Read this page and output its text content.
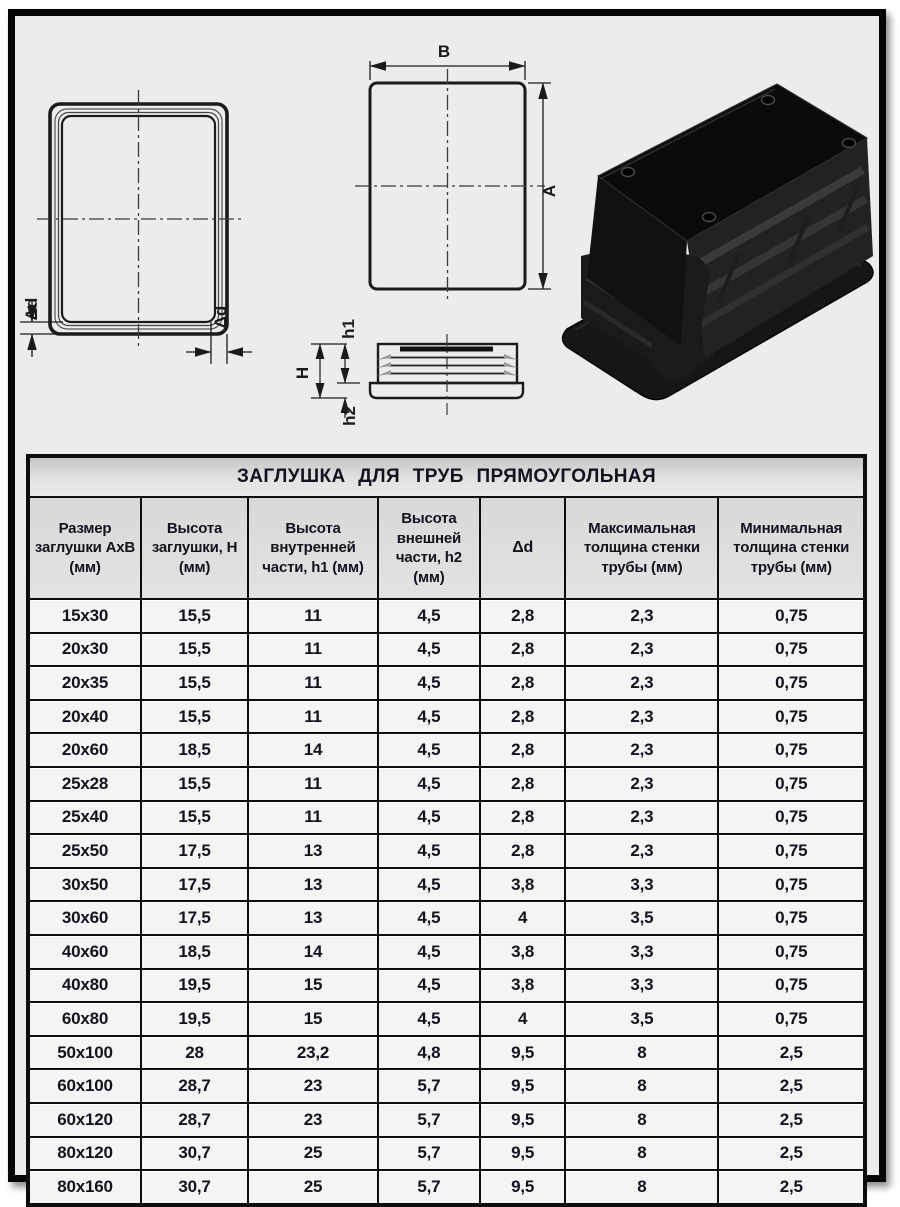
Δd	Δd
B
A
H
h1
h2
ЗАГЛУШКА ДЛЯ ТРУБ ПРЯМОУГОЛЬНАЯ						
Размер заглушки АхВ (мм)	Высота заглушки, Н (мм)	Высота внутренней части, h1 (мм)	Высота внешней части, h2 (мм)	Δd	Максимальная толщина стенки трубы (мм)	Минимальная толщина стенки трубы (мм)
15х30	15,5	11	4,5	2,8	2,3	0,75
20х30	15,5	11	4,5	2,8	2,3	0,75
20х35	15,5	11	4,5	2,8	2,3	0,75
20х40	15,5	11	4,5	2,8	2,3	0,75
20х60	18,5	14	4,5	2,8	2,3	0,75
25х28	15,5	11	4,5	2,8	2,3	0,75
25х40	15,5	11	4,5	2,8	2,3	0,75
25х50	17,5	13	4,5	2,8	2,3	0,75
30х50	17,5	13	4,5	3,8	3,3	0,75
30х60	17,5	13	4,5	4	3,5	0,75
40х60	18,5	14	4,5	3,8	3,3	0,75
40х80	19,5	15	4,5	3,8	3,3	0,75
60х80	19,5	15	4,5	4	3,5	0,75
50х100	28	23,2	4,8	9,5	8	2,5
60х100	28,7	23	5,7	9,5	8	2,5
60х120	28,7	23	5,7	9,5	8	2,5
80х120	30,7	25	5,7	9,5	8	2,5
80х160	30,7	25	5,7	9,5	8	2,5
